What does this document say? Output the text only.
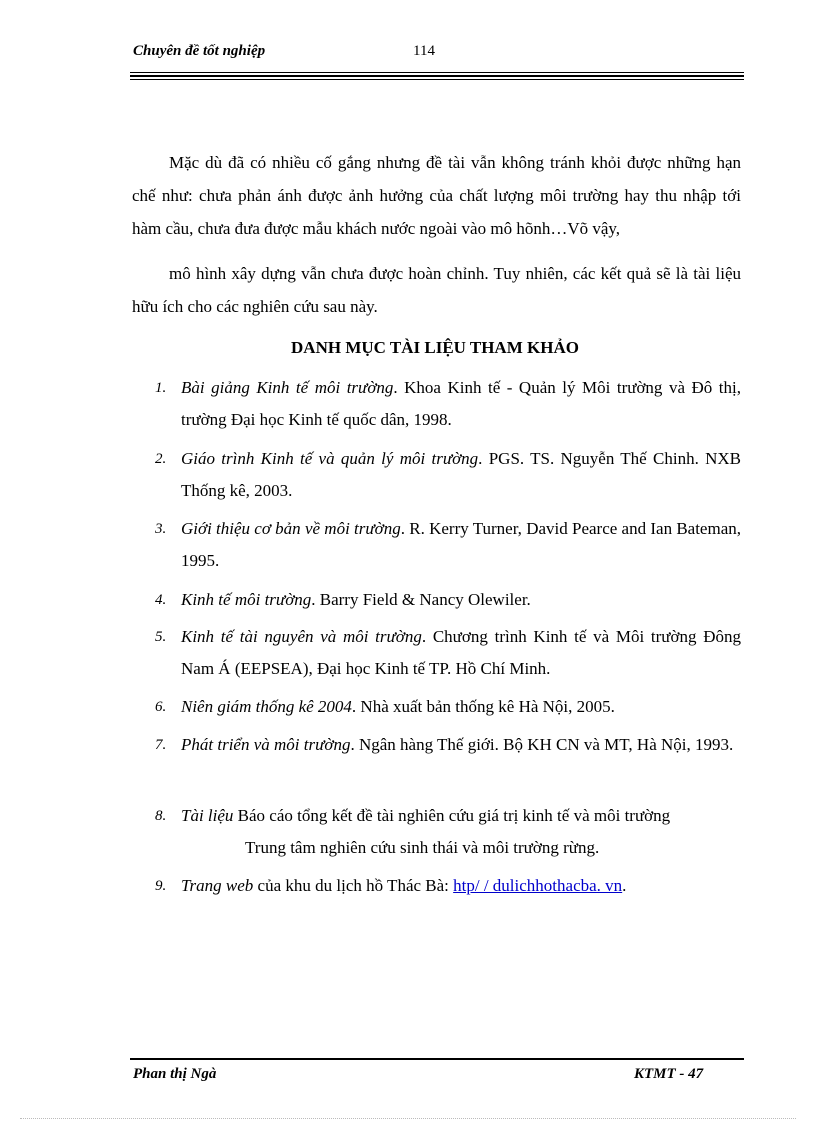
Chuyên đề tốt nghiệp	114

Mặc dù đã có nhiều cố gắng nhưng đề tài vẫn không tránh khỏi được những hạn chế như: chưa phản ánh được ảnh hưởng của chất lượng môi trường hay thu nhập tới hàm cầu, chưa đưa được mẫu khách nước ngoài vào mô hõnh…Võ vậy,

mô hình xây dựng vẫn chưa được hoàn chỉnh. Tuy nhiên, các kết quả sẽ là tài liệu hữu ích cho các nghiên cứu sau này.

DANH MỤC TÀI LIỆU THAM KHẢO
1. Bài giảng Kinh tế môi trường. Khoa Kinh tế - Quản lý Môi trường và Đô thị, trường Đại học Kinh tế quốc dân, 1998.
2. Giáo trình Kinh tế và quản lý môi trường. PGS. TS. Nguyễn Thế Chinh. NXB Thống kê, 2003.
3. Giới thiệu cơ bản về môi trường. R. Kerry Turner, David Pearce and Ian Bateman, 1995.
4. Kinh tế môi trường. Barry Field & Nancy Olewiler.
5. Kinh tế tài nguyên và môi trường. Chương trình Kinh tế và Môi trường Đông Nam Á (EEPSEA), Đại học Kinh tế TP. Hồ Chí Minh.
6. Niên giám thống kê 2004. Nhà xuất bản thống kê Hà Nội, 2005.
7. Phát triển và môi trường. Ngân hàng Thế giới. Bộ KH CN và MT, Hà Nội, 1993.
8. Tài liệu Báo cáo tổng kết đề tài nghiên cứu giá trị kinh tế và môi trường
Trung tâm nghiên cứu sinh thái và môi trường rừng.
9. Trang web của khu du lịch hồ Thác Bà: htp/ / dulichhothacba. vn.
Phan thị Ngà	KTMT - 47
